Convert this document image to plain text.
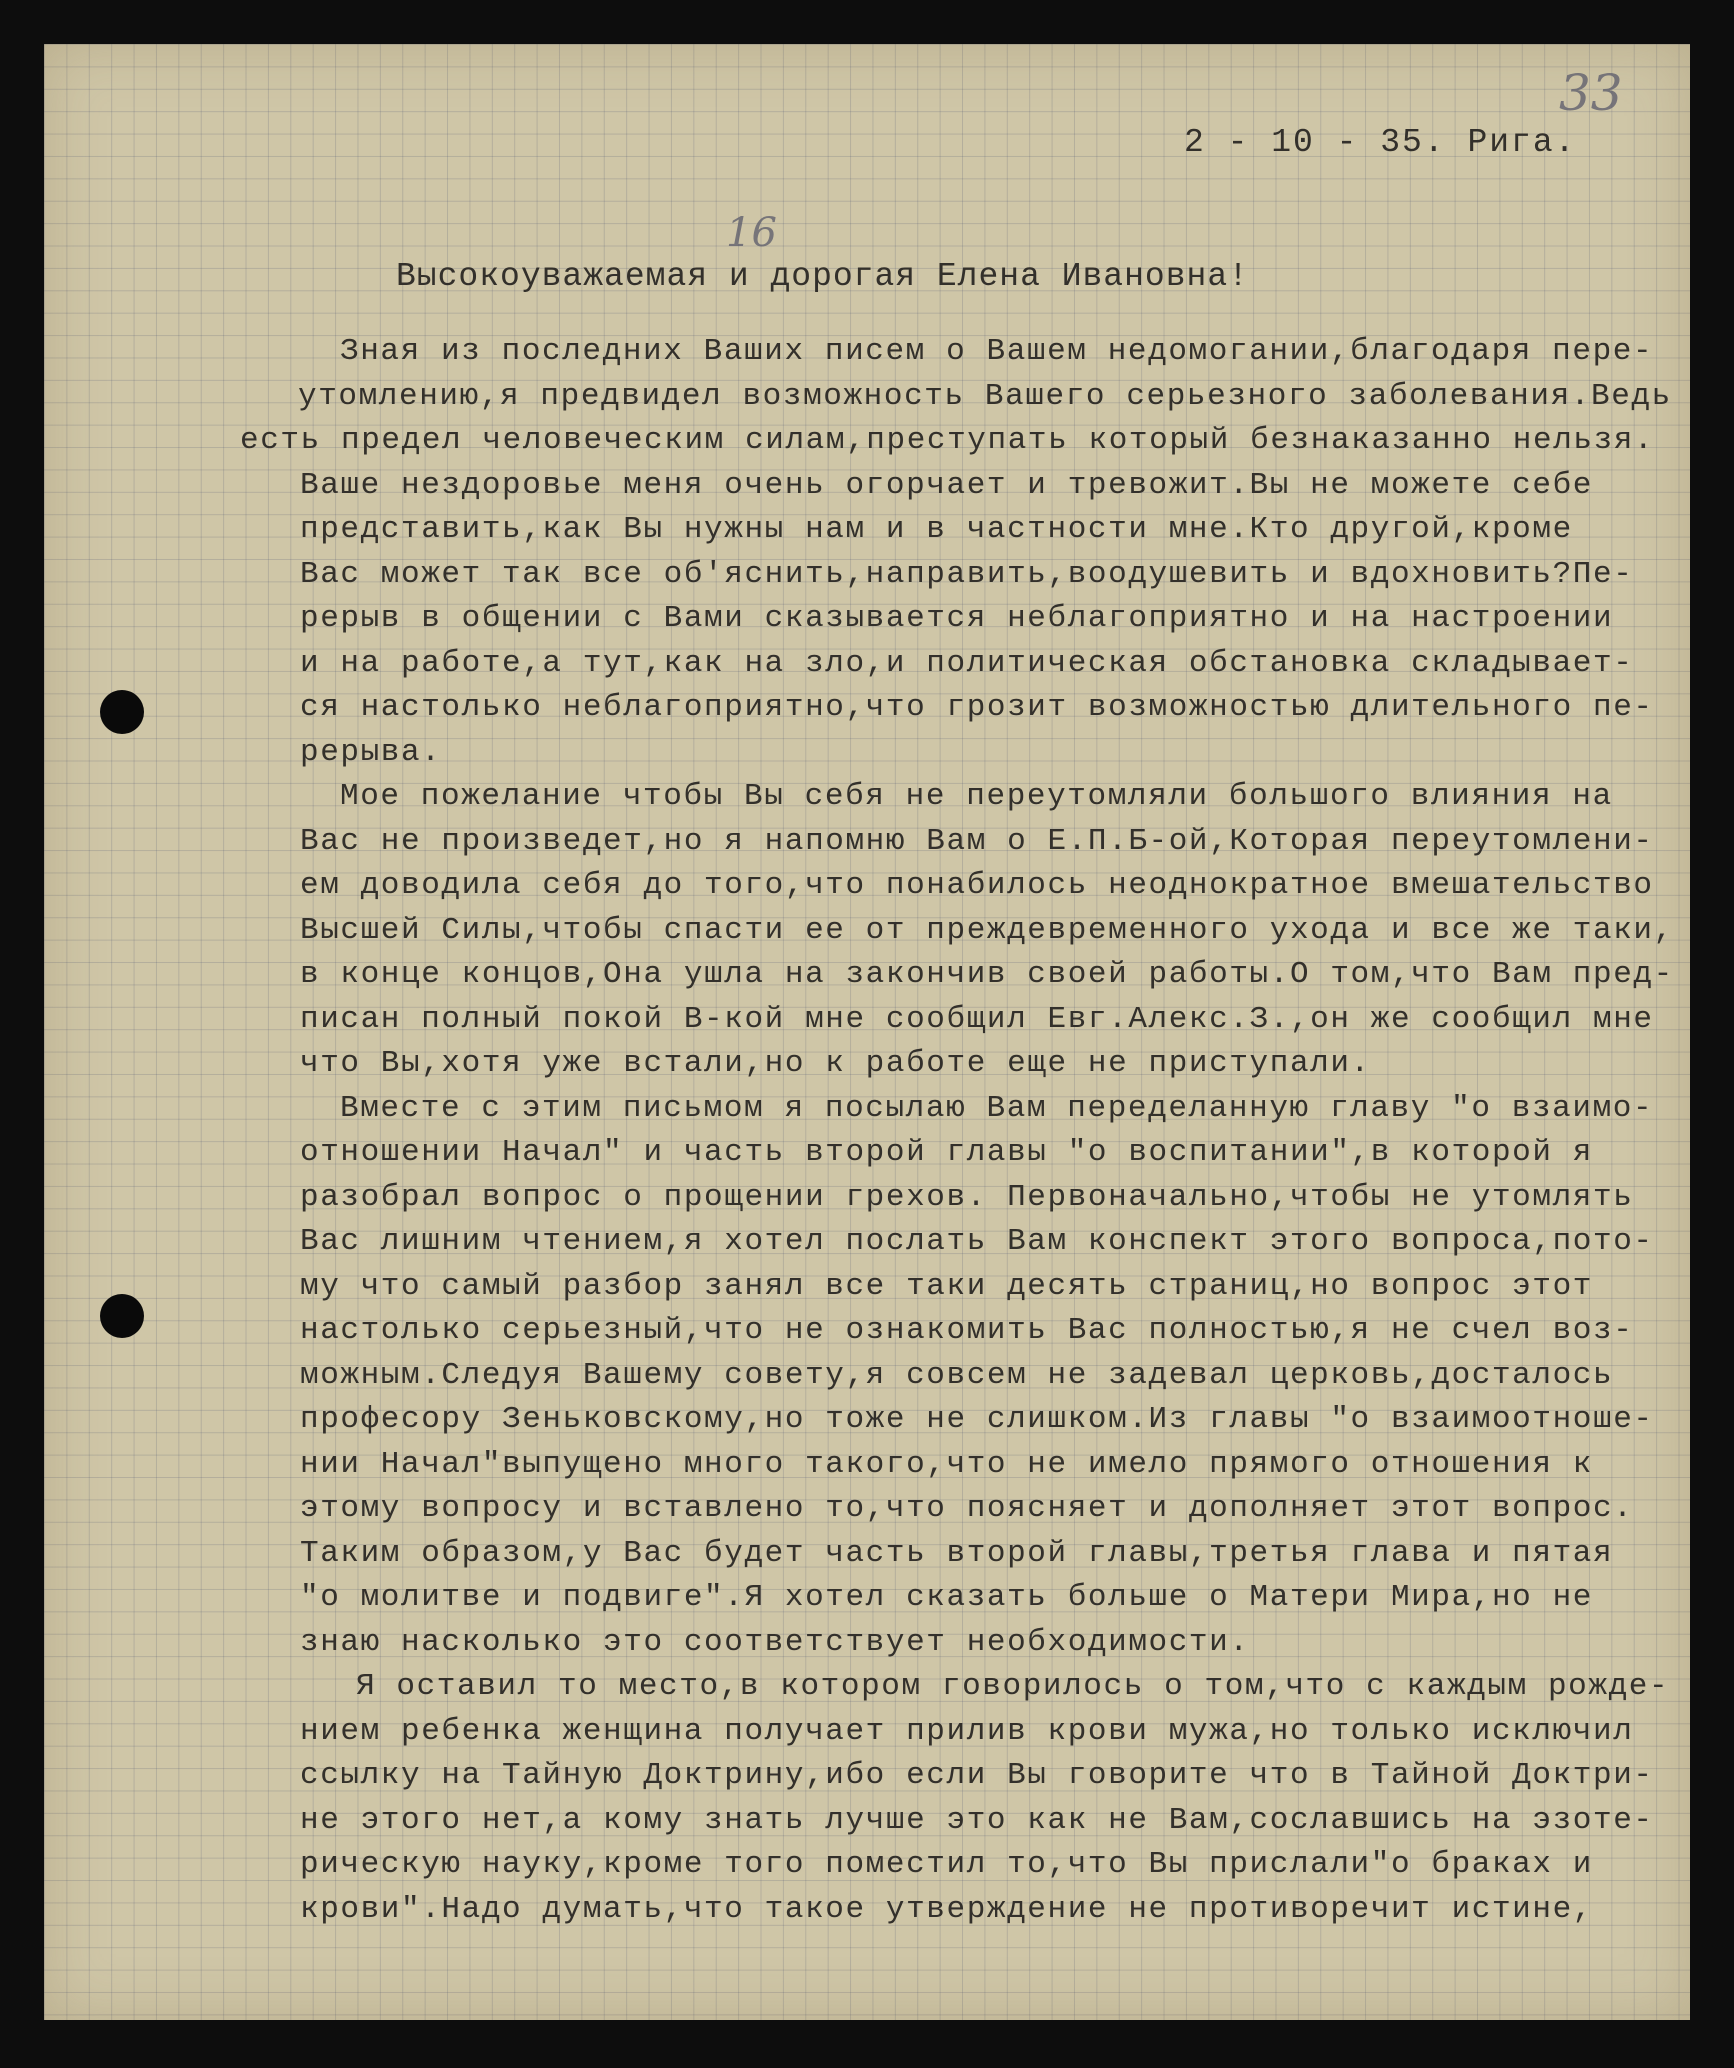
33
16
2 - 10 - 35. Рига.
Высокоуважаемая и дорогая Елена Ивановна!
Зная из последних Ваших писем о Вашем недомогании,благодаря пере-
утомлению,я предвидел возможность Вашего серьезного заболевания.Ведь
есть предел человеческим силам,преступать который безнаказанно нельзя.
Ваше нездоровье меня очень огорчает и тревожит.Вы не можете себе
представить,как Вы нужны нам и в частности мне.Кто другой,кроме
Вас может так все об'яснить,направить,воодушевить и вдохновить?Пе-
рерыв в общении с Вами сказывается неблагоприятно и на настроении
и на работе,а тут,как на зло,и политическая обстановка складывает-
ся настолько неблагоприятно,что грозит возможностью длительного пе-
рерыва.
Мое пожелание чтобы Вы себя не переутомляли большого влияния на
Вас не произведет,но я напомню Вам о Е.П.Б-ой,Которая переутомлени-
ем доводила себя до того,что понабилось неоднократное вмешательство
Высшей Силы,чтобы спасти ее от преждевременного ухода и все же таки,
в конце концов,Она ушла на закончив своей работы.О том,что Вам пред-
писан полный покой В-кой мне сообщил Евг.Алекс.З.,он же сообщил мне
что Вы,хотя уже встали,но к работе еще не приступали.
Вместе с этим письмом я посылаю Вам переделанную главу "о взаимо-
отношении Начал" и часть второй главы "о воспитании",в которой я
разобрал вопрос о прощении грехов. Первоначально,чтобы не утомлять
Вас лишним чтением,я хотел послать Вам конспект этого вопроса,пото-
му что самый разбор занял все таки десять страниц,но вопрос этот
настолько серьезный,что не ознакомить Вас полностью,я не счел воз-
можным.Следуя Вашему совету,я совсем не задевал церковь,досталось
професору Зеньковскому,но тоже не слишком.Из главы "о взаимоотноше-
нии Начал"выпущено много такого,что не имело прямого отношения к
этому вопросу и вставлено то,что поясняет и дополняет этот вопрос.
Таким образом,у Вас будет часть второй главы,третья глава и пятая
"о молитве и подвиге".Я хотел сказать больше о Матери Мира,но не
знаю насколько это соответствует необходимости.
Я оставил то место,в котором говорилось о том,что с каждым рожде-
нием ребенка женщина получает прилив крови мужа,но только исключил
ссылку на Тайную Доктрину,ибо если Вы говорите что в Тайной Доктри-
не этого нет,а кому знать лучше это как не Вам,сославшись на эзоте-
рическую науку,кроме того поместил то,что Вы прислали"о браках и
крови".Надо думать,что такое утверждение не противоречит истине,
